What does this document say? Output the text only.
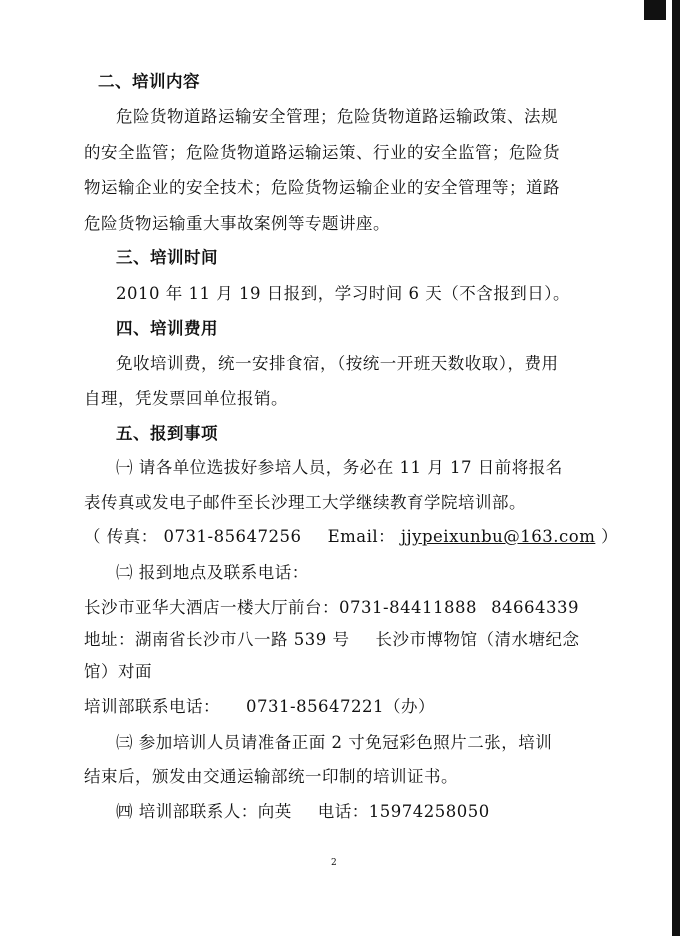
二、培训内容
危险货物道路运输安全管理；危险货物道路运输政策、法规
的安全监管；危险货物道路运输运策、行业的安全监管；危险货
物运输企业的安全技术；危险货物运输企业的安全管理等；道路
危险货物运输重大事故案例等专题讲座。
三、培训时间
2010 年 11 月 19 日报到，学习时间 6 天（不含报到日）。
四、培训费用
免收培训费，统一安排食宿，（按统一开班天数收取），费用
自理，凭发票回单位报销。
五、报到事项
㈠ 请各单位选拔好参培人员，务必在 11 月 17 日前将报名
表传真或发电子邮件至长沙理工大学继续教育学院培训部。
（ 传真： 0731-85647256 Email： jjypeixunbu@163.com ）
㈡ 报到地点及联系电话：
长沙市亚华大酒店一楼大厅前台：0731-84411888 84664339
地址：湖南省长沙市八一路 539 号 长沙市博物馆（清水塘纪念
馆）对面
培训部联系电话： 0731-85647221（办）
㈢ 参加培训人员请准备正面 2 寸免冠彩色照片二张，培训
结束后，颁发由交通运输部统一印制的培训证书。
㈣ 培训部联系人：向英 电话：15974258050
2
